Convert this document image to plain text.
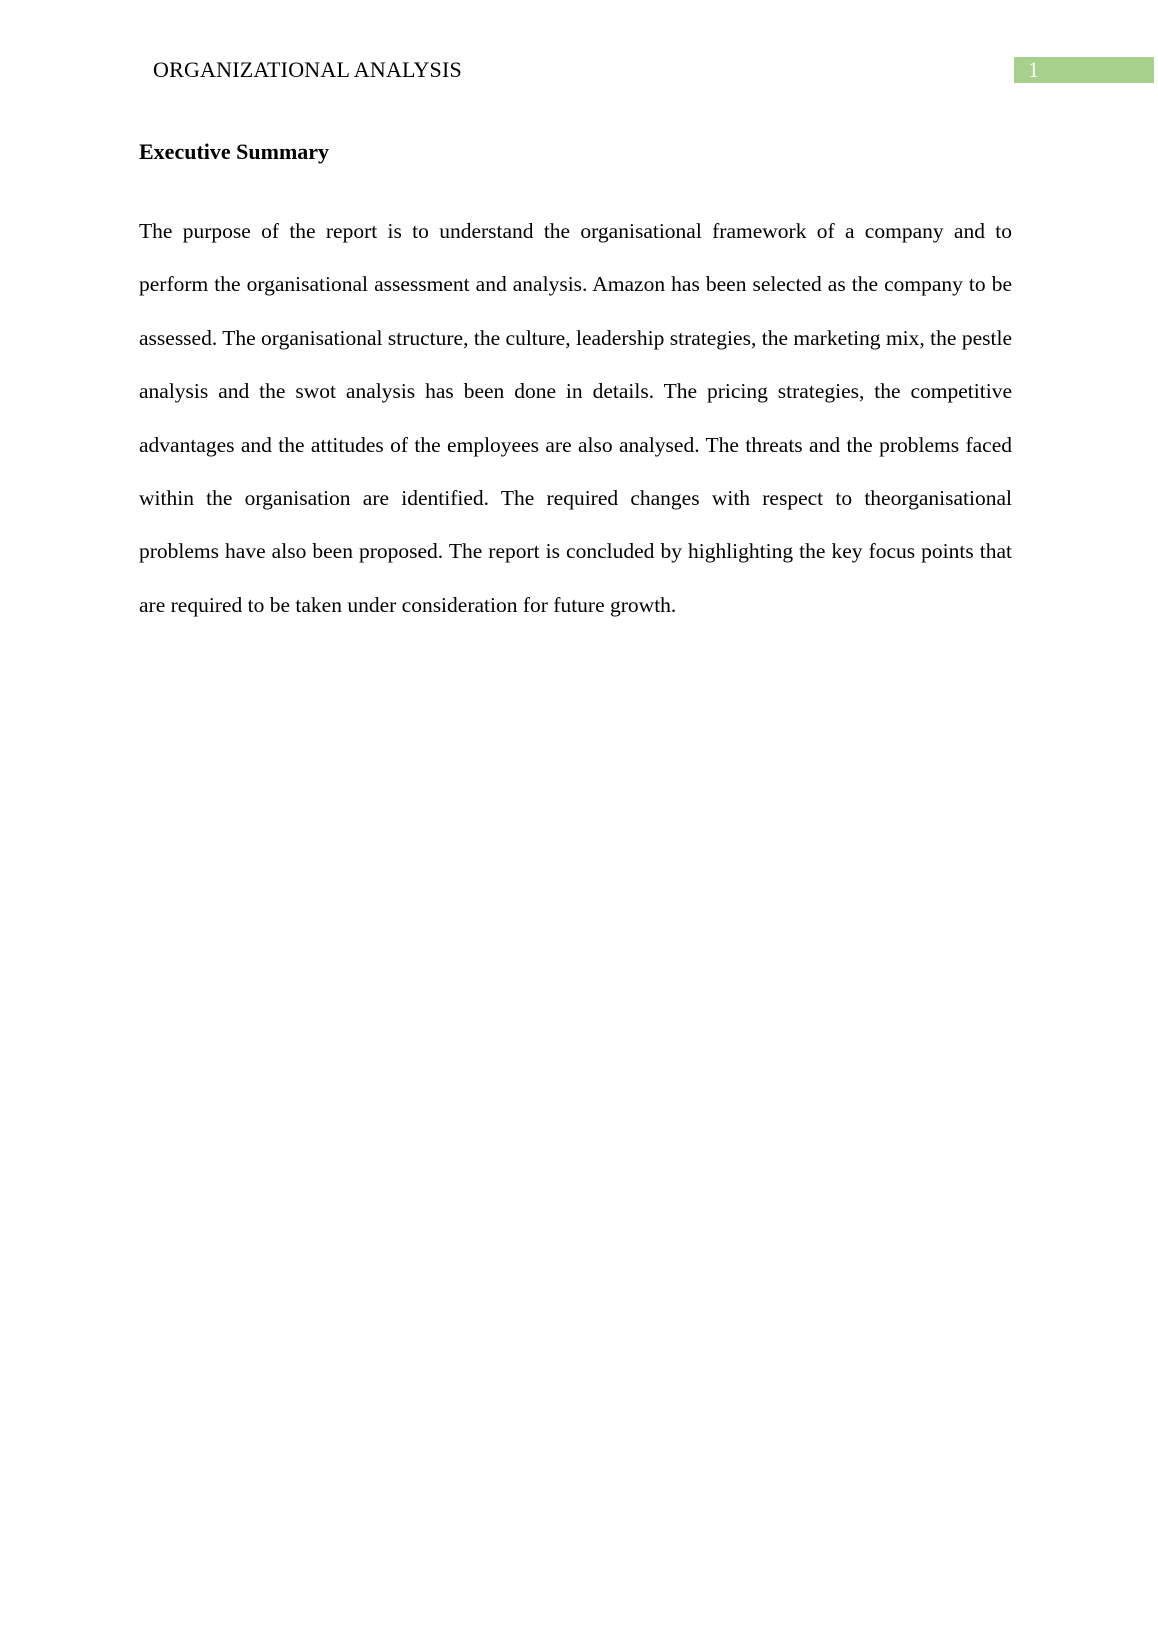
ORGANIZATIONAL ANALYSIS	1
Executive Summary

The purpose of the report is to understand the organisational framework of a company and to perform the organisational assessment and analysis. Amazon has been selected as the company to be assessed. The organisational structure, the culture, leadership strategies, the marketing mix, the pestle analysis and the swot analysis has been done in details. The pricing strategies, the competitive advantages and the attitudes of the employees are also analysed. The threats and the problems faced within the organisation are identified. The required changes with respect to theorganisational problems have also been proposed. The report is concluded by highlighting the key focus points that are required to be taken under consideration for future growth.
